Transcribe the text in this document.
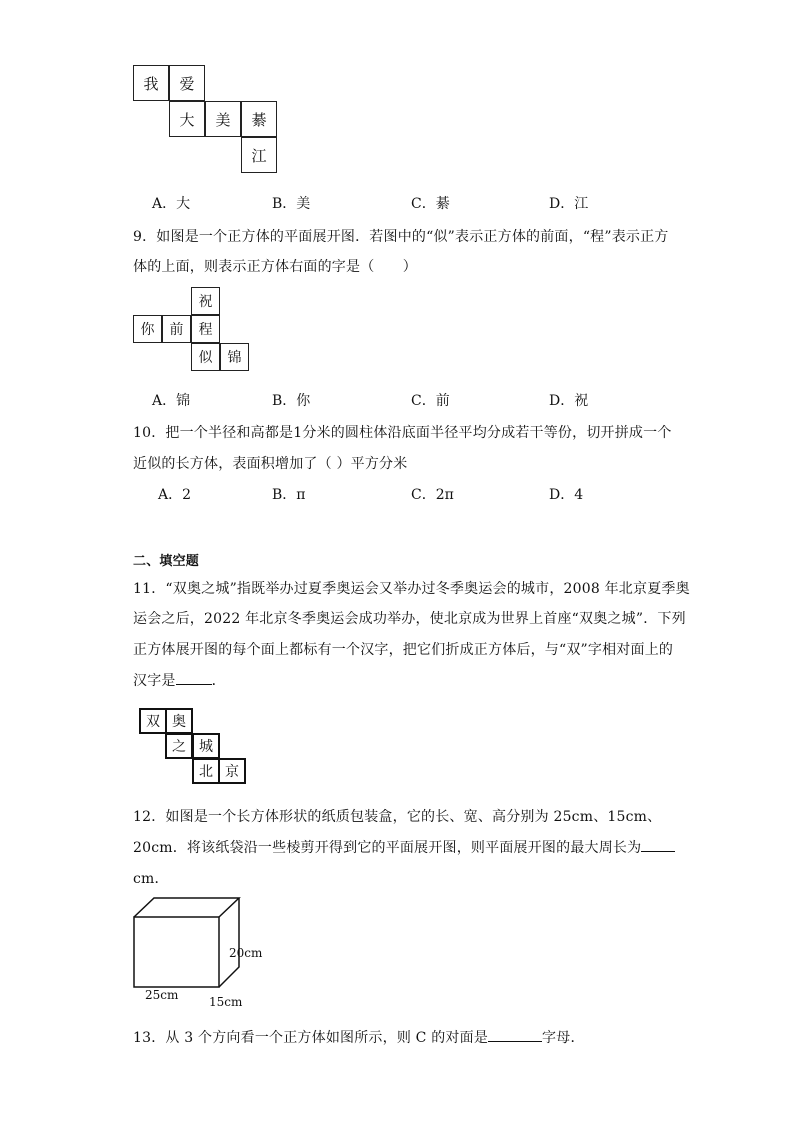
我	爱
大	美	綦
江
A．大	B．美	C．綦	D．江
9．如图是一个正方体的平面展开图．若图中的“似”表示正方体的前面，“程”表示正方
体的上面，则表示正方体右面的字是（　　）
祝
你	前	程
似	锦
A．锦	B．你	C．前	D．祝
10．把一个半径和高都是1分米的圆柱体沿底面半径平均分成若干等份，切开拼成一个
近似的长方体，表面积增加了（ ）平方分米
A．2	B．π	C．2π	D．4
二、填空题
11．“双奥之城”指既举办过夏季奥运会又举办过冬季奥运会的城市，2008 年北京夏季奥
运会之后，2022 年北京冬季奥运会成功举办，使北京成为世界上首座“双奥之城”．下列
正方体展开图的每个面上都标有一个汉字，把它们折成正方体后，与“双”字相对面上的
汉字是	．
双 奥
之 城
北 京
12．如图是一个长方体形状的纸质包装盒，它的长、宽、高分别为 25cm、15cm、
20cm．将该纸袋沿一些棱剪开得到它的平面展开图，则平面展开图的最大周长为
cm．
20cm
25cm	15cm
13．从 3 个方向看一个正方体如图所示，则 C 的对面是	字母．
